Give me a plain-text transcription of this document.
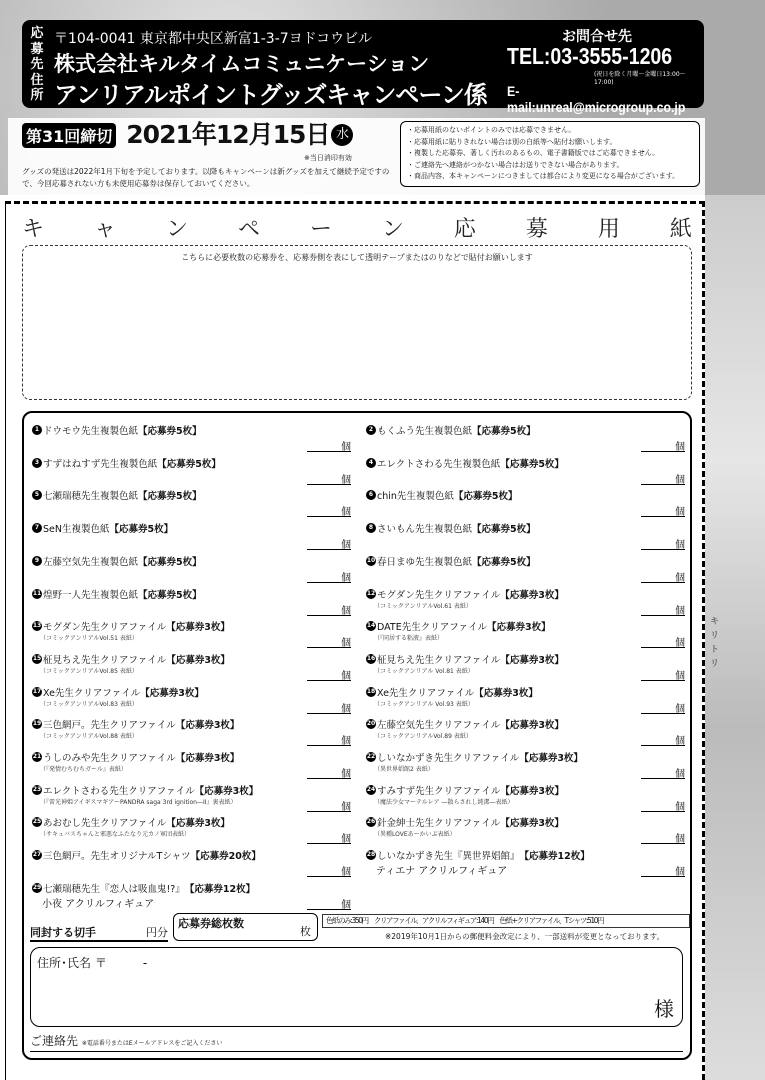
応募先住所
〒104-0041 東京都中央区新富1-3-7ヨドコウビル
株式会社キルタイムコミュニケーション
アンリアルポイントグッズキャンペーン係
お問合せ先
TEL:03-3555-1206
(祝日を除く月曜～金曜日13:00～17:00)
E-mail:unreal@microgroup.co.jp
第31回締切 2021年12月15日 水
※当日消印有効
グッズの発送は2022年1月下旬を予定しております。以降もキャンペーンは新グッズを加えて継続予定ですので、今回応募されない方も未使用応募券は保存しておいてください。
・応募用紙のないポイントのみでは応募できません。
・応募用紙に貼りきれない場合は別の白紙等へ貼付お願いします。
・複製した応募券、著しく汚れのあるもの、電子書籍版ではご応募できません。
・ご連絡先へ連絡がつかない場合はお送りできない場合があります。
・商品内容、本キャンペーンにつきましては都合により変更になる場合がございます。
キ ャ ン ペ ー ン 応 募 用 紙
こちらに必要枚数の応募券を、応募券側を表にして透明テープまたはのりなどで貼付お願いします
キリトリ
1 ドウモウ先生複製色紙 【応募券5枚】
個
2 もくふう先生複製色紙 【応募券5枚】
個
3 すずはねすず先生複製色紙 【応募券5枚】
個
4 エレクトさわる先生複製色紙 【応募券5枚】
個
5 七瀬瑞穂先生複製色紙 【応募券5枚】
個
6 chin先生複製色紙 【応募券5枚】
個
7 SeN生複製色紙 【応募券5枚】
個
8 さいもん先生複製色紙 【応募券5枚】
個
9 左藤空気先生複製色紙 【応募券5枚】
個
10 春日まゆ先生複製色紙 【応募券5枚】
個
11 煌野一人先生複製色紙 【応募券5枚】
個
12 モグダン先生クリアファイル 【応募券3枚】
（コミックアンリアルVol.61 表紙）	個
13 モグダン先生クリアファイル 【応募券3枚】
（コミックアンリアルVol.51 表紙）	個
14 DATE先生クリアファイル 【応募券3枚】
（『同居する粘液』表紙）	個
15 柾見ちえ先生クリアファイル 【応募券3枚】
（コミックアンリアルVol.85 表紙）	個
16 柾見ちえ先生クリアファイル 【応募券3枚】
（コミックアンリアル Vol.81 表紙）	個
17 Xe先生クリアファイル 【応募券3枚】
（コミックアンリアルVol.83 表紙）	個
18 Xe先生クリアファイル 【応募券3枚】
（コミックアンリアル Vol.93 表紙）	個
19 三色網戸。先生クリアファイル 【応募券3枚】
（コミックアンリアルVol.88 表紙）	個
20 左藤空気先生クリアファイル 【応募券3枚】
（コミックアンリアルVol.89 表紙）	個
21 うしのみや先生クリアファイル 【応募券3枚】
（『発情むちむちガール』表紙）	個
22 しいなかずき先生クリアファイル 【応募券3枚】
（異世界娼館2 表紙）	個
23 エレクトさわる先生クリアファイル 【応募券3枚】
（『雷光神姫アイギスマギアーPANDRA saga 3rd ignition―II』裏表紙）	個
24 すみすず先生クリアファイル 【応募券3枚】
（魔法少女マーテルレア ―散らされし純潔―表紙）	個
25 あおむし先生クリアファイル 【応募券3枚】
（サキュバスちゃんと邪悪なふたなり元カノ軍団表紙）	個
26 針金紳士先生クリアファイル 【応募券3枚】
（異種LOVEあーかいぶ表紙）	個
27 三色網戸。先生オリジナルTシャツ 【応募券20枚】
個
28 しいなかずき先生『異世界娼館』 【応募券12枚】
ティエナ アクリルフィギュア	個
29 七瀬瑞穂先生『恋人は吸血鬼!?』 【応募券12枚】
小夜 アクリルフィギュア	個
応募券総枚数
枚
同封する切手	円分
色紙のみ:350円　クリアファイル、アクリルフィギュア:140円　色紙+クリアファイル、Tシャツ:510円
※2019年10月1日からの郵便料金改定により、一部送料が変更となっております。
住所･氏名 〒　　　-
様
ご連絡先 ※電話番号またはEメールアドレスをご記入ください
